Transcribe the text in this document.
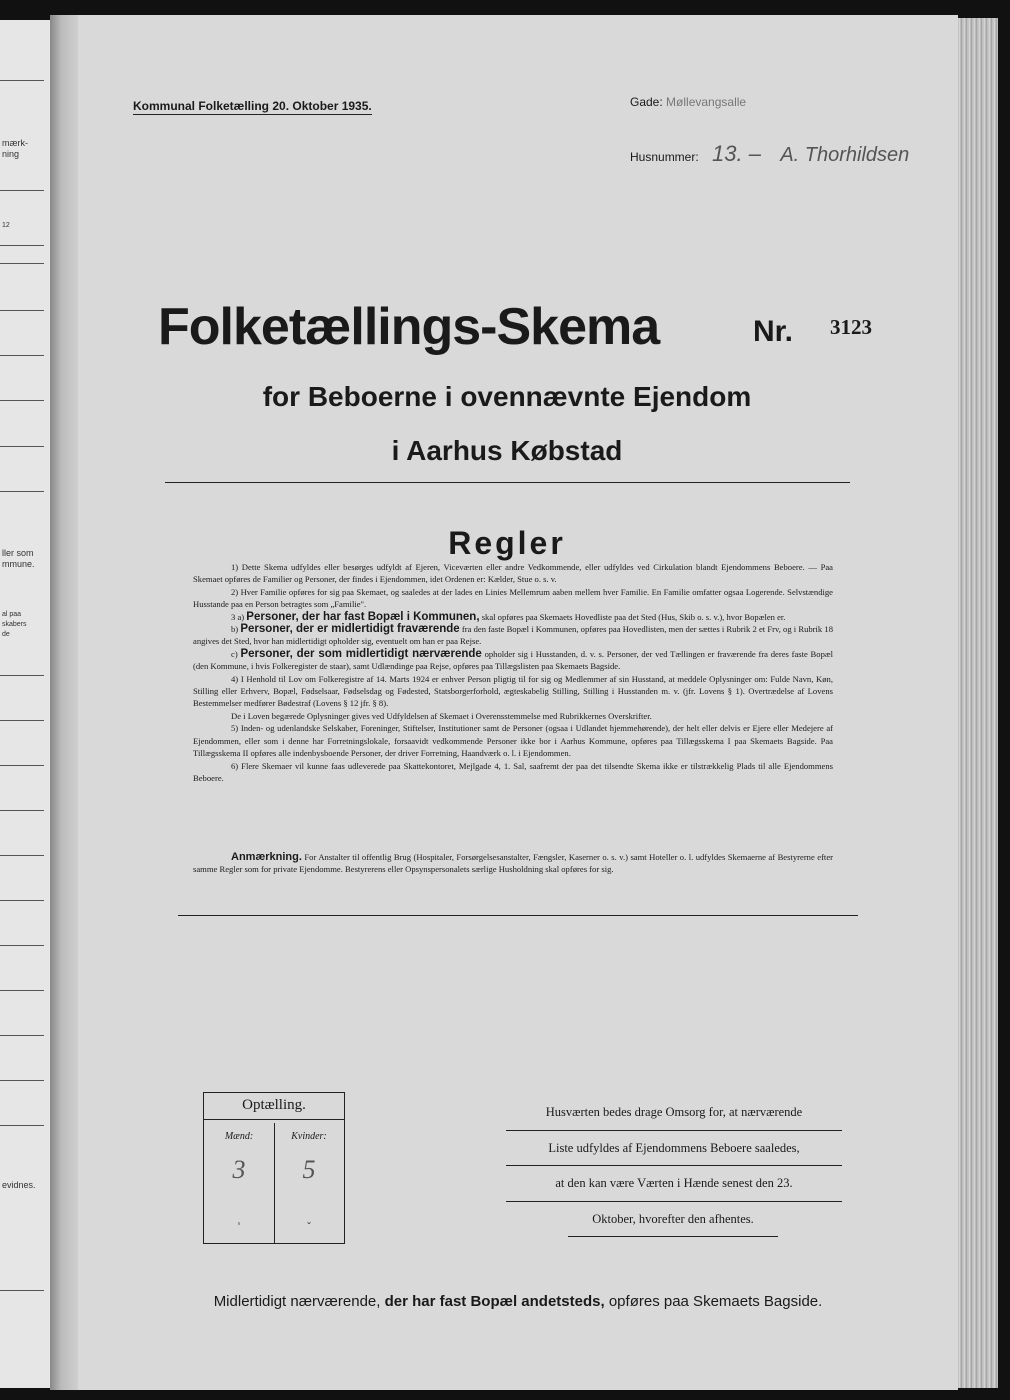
mærk-
ning
12
ller som
mmune.
al paa
skabers
de
evidnes.
Kommunal Folketælling 20. Oktober 1935.	Gade: Møllevangsalle
Husnummer: 13. – A. Thorhildsen
Folketællings-Skema	Nr. 3123
for Beboerne i ovennævnte Ejendom
i Aarhus Købstad
Regler

1) Dette Skema udfyldes eller besørges udfyldt af Ejeren, Viceværten eller andre Vedkommende, eller udfyldes ved Cirkulation blandt Ejendommens Beboere. — Paa Skemaet opføres de Familier og Personer, der findes i Ejendommen, idet Ordenen er: Kælder, Stue o. s. v.

2) Hver Familie opføres for sig paa Skemaet, og saaledes at der lades en Linies Mellemrum aaben mellem hver Familie. En Familie omfatter ogsaa Logerende. Selvstændige Husstande paa en Person betragtes som „Familie".

3 a) Personer, der har fast Bopæl i Kommunen, skal opføres paa Skemaets Hovedliste paa det Sted (Hus, Skib o. s. v.), hvor Bopælen er.

b) Personer, der er midlertidigt fraværende fra den faste Bopæl i Kommunen, opføres paa Hovedlisten, men der sættes i Rubrik 2 et Frv, og i Rubrik 18 angives det Sted, hvor han midlertidigt opholder sig, eventuelt om han er paa Rejse.

c) Personer, der som midlertidigt nærværende opholder sig i Husstanden, d. v. s. Personer, der ved Tællingen er fraværende fra deres faste Bopæl (den Kommune, i hvis Folkeregister de staar), samt Udlændinge paa Rejse, opføres paa Tillægslisten paa Skemaets Bagside.

4) I Henhold til Lov om Folkeregistre af 14. Marts 1924 er enhver Person pligtig til for sig og Medlemmer af sin Husstand, at meddele Oplysninger om: Fulde Navn, Køn, Stilling eller Erhverv, Bopæl, Fødselsaar, Fødselsdag og Fødested, Statsborgerforhold, ægteskabelig Stilling, Stilling i Husstanden m. v. (jfr. Lovens § 1). Overtrædelse af Lovens Bestemmelser medfører Bødestraf (Lovens § 12 jfr. § 8).

De i Loven begærede Oplysninger gives ved Udfyldelsen af Skemaet i Overensstemmelse med Rubrikkernes Overskrifter.

5) Inden- og udenlandske Selskaber, Foreninger, Stiftelser, Institutioner samt de Personer (ogsaa i Udlandet hjemmehørende), der helt eller delvis er Ejere eller Medejere af Ejendommen, eller som i denne har Forretningslokale, forsaavidt vedkommende Personer ikke bor i Aarhus Kommune, opføres paa Tillægsskema I paa Skemaets Bagside. Paa Tillægsskema II opføres alle indenbysboende Personer, der driver Forretning, Haandværk o. l. i Ejendommen.

6) Flere Skemaer vil kunne faas udleverede paa Skattekontoret, Mejlgade 4, 1. Sal, saafremt der paa det tilsendte Skema ikke er tilstrækkelig Plads til alle Ejendommens Beboere.

Anmærkning. For Anstalter til offentlig Brug (Hospitaler, Forsørgelsesanstalter, Fængsler, Kaserner o. s. v.) samt Hoteller o. l. udfyldes Skemaerne af Bestyrerne efter samme Regler som for private Ejendomme. Bestyrerens eller Opsynspersonalets særlige Husholdning skal opføres for sig.

Optælling.
Mænd:	Kvinder:
3	5
ˌ	˯
Husværten bedes drage Omsorg for, at nærværende
Liste udfyldes af Ejendommens Beboere saaledes,
at den kan være Værten i Hænde senest den 23.
Oktober, hvorefter den afhentes.
Midlertidigt nærværende, der har fast Bopæl andetsteds, opføres paa Skemaets Bagside.
